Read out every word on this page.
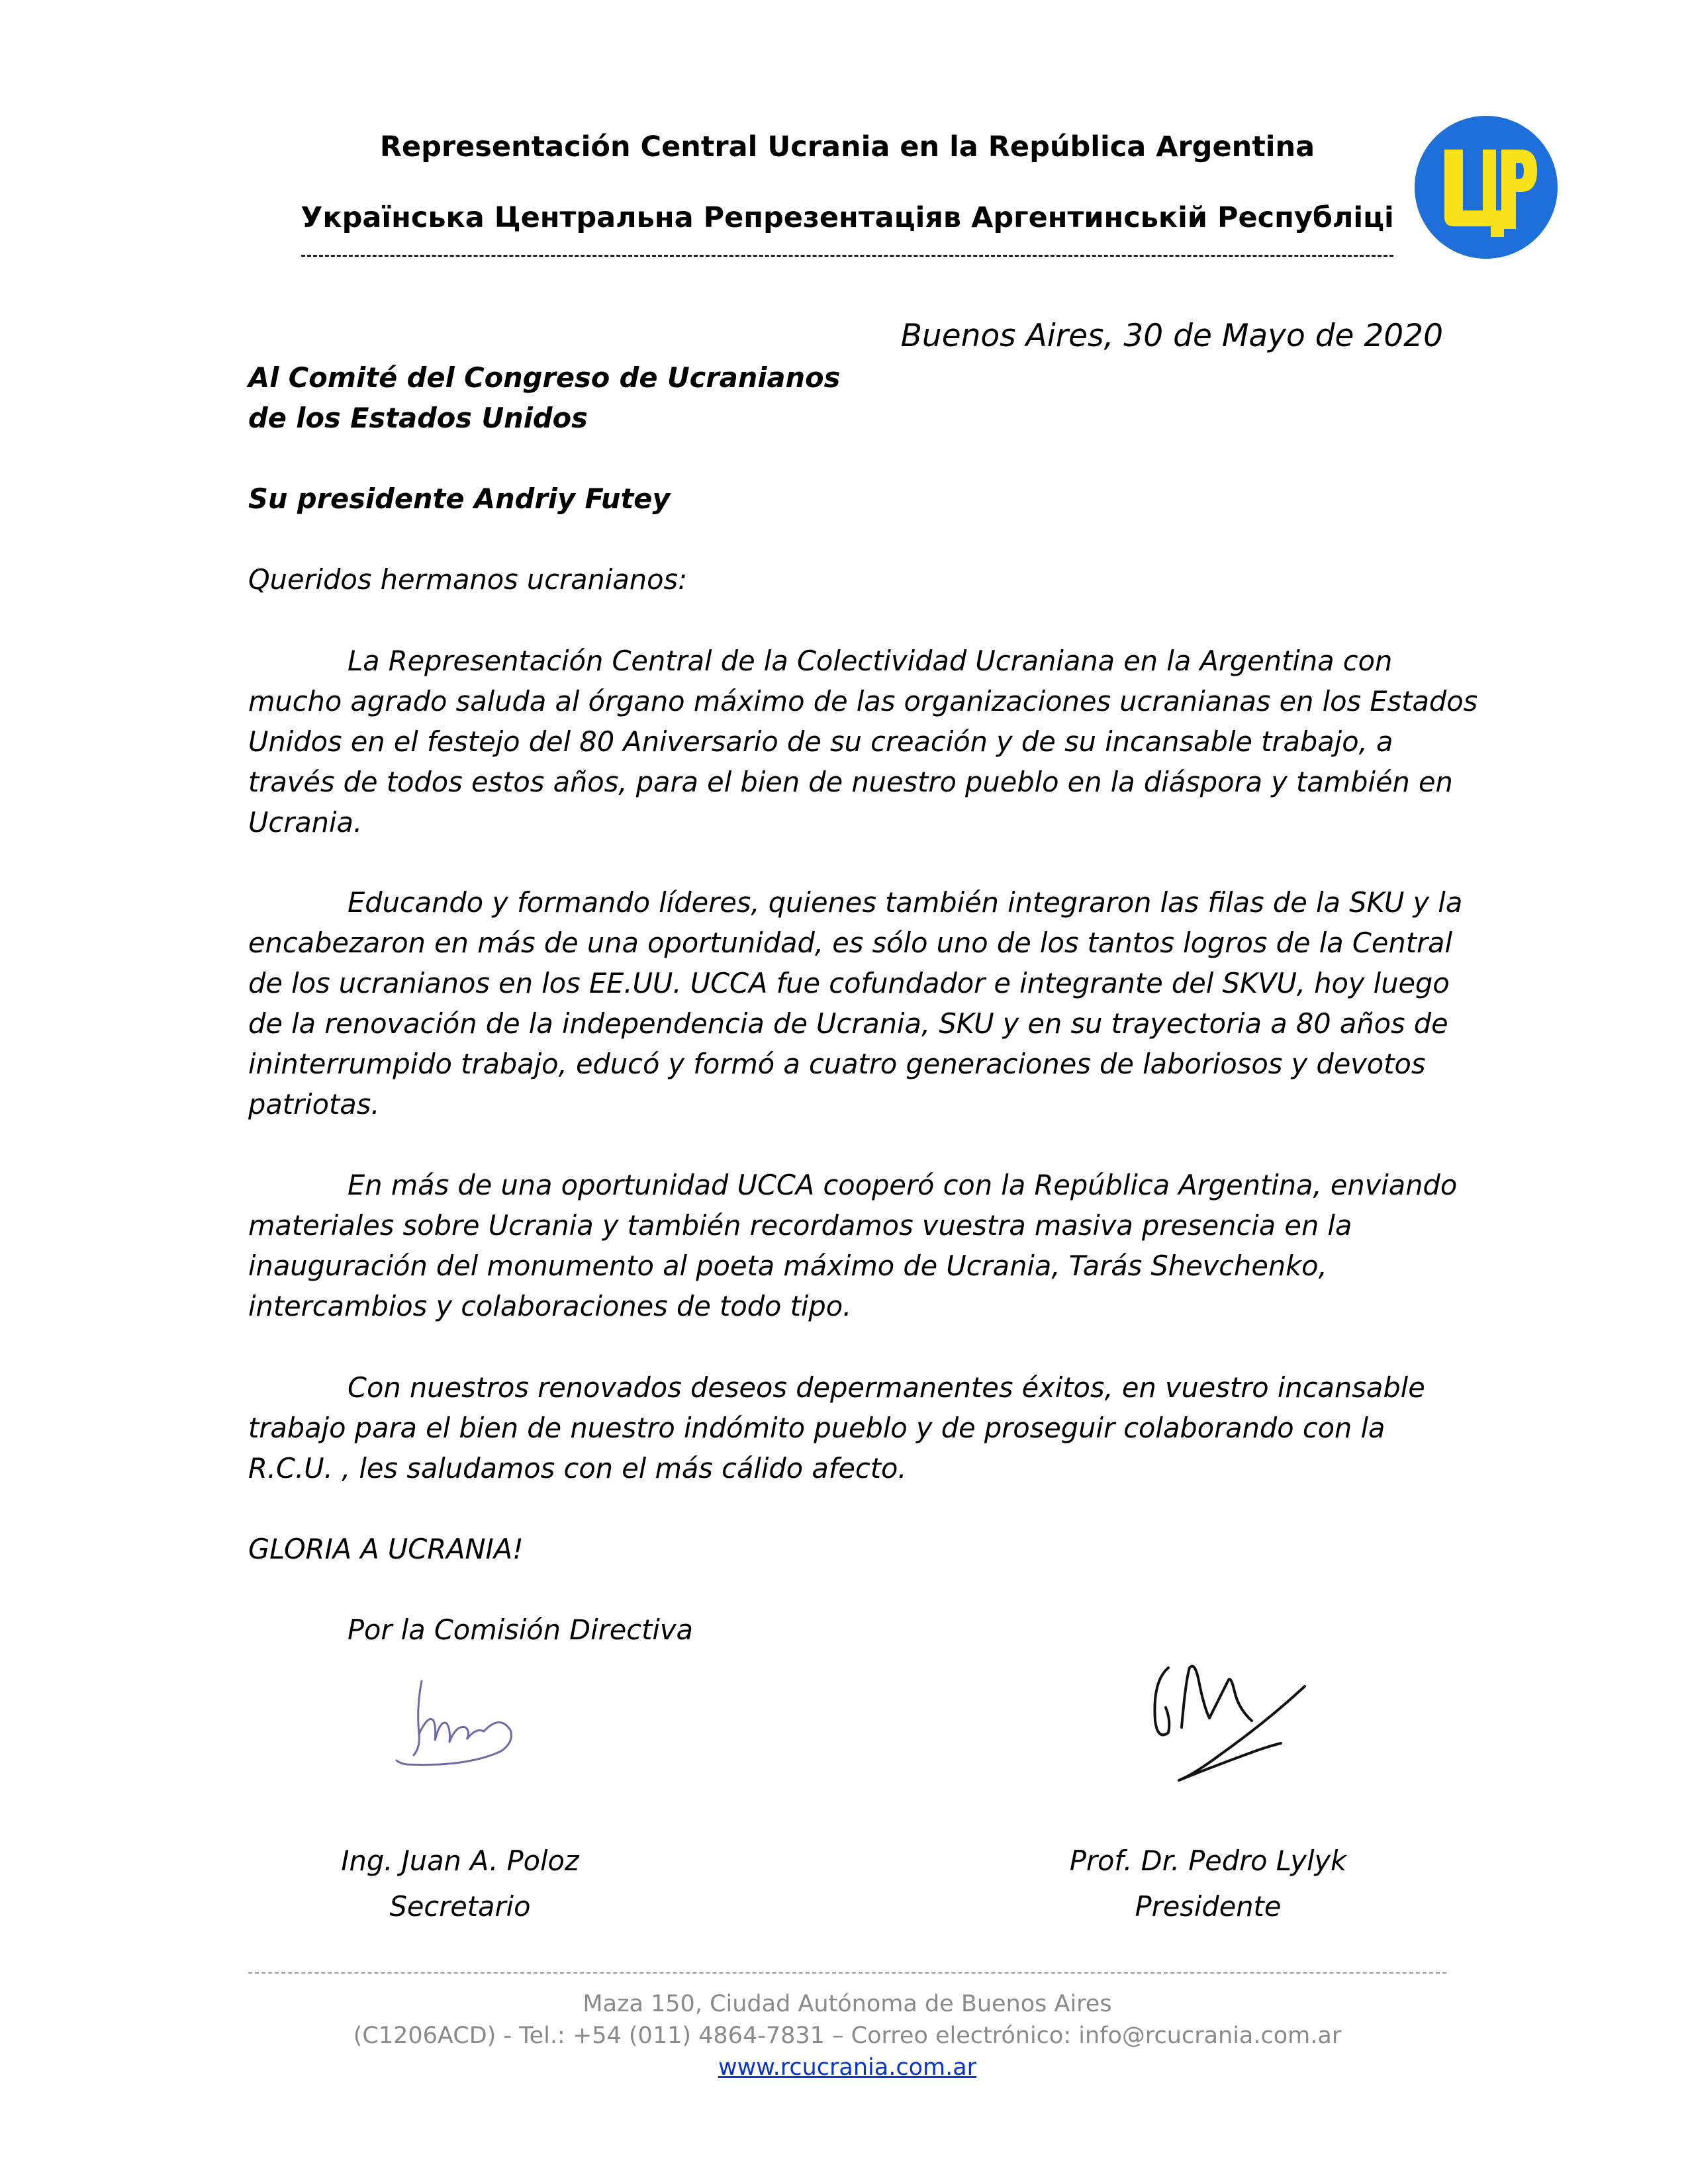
Representación Central Ucrania en la República Argentina
Українська Центральна Репрезентаціяв Аргентинській Республіці
Buenos Aires, 30 de Mayo de 2020
Al Comité del Congreso de Ucranianos
de los Estados Unidos
Su presidente Andriy Futey
Queridos hermanos ucranianos:
La Representación Central de la Colectividad Ucraniana en la Argentina con
mucho agrado saluda al órgano máximo de las organizaciones ucranianas en los Estados
Unidos en el festejo del 80 Aniversario de su creación y de su incansable trabajo, a
través de todos estos años, para el bien de nuestro pueblo en la diáspora y también en
Ucrania.
Educando y formando líderes, quienes también integraron las filas de la SKU y la
encabezaron en más de una oportunidad, es sólo uno de los tantos logros de la Central
de los ucranianos en los EE.UU. UCCA fue cofundador e integrante del SKVU, hoy luego
de la renovación de la independencia de Ucrania, SKU y en su trayectoria a 80 años de
ininterrumpido trabajo, educó y formó a cuatro generaciones de laboriosos y devotos
patriotas.
En más de una oportunidad UCCA cooperó con la República Argentina, enviando
materiales sobre Ucrania y también recordamos vuestra masiva presencia en la
inauguración del monumento al poeta máximo de Ucrania, Tarás Shevchenko,
intercambios y colaboraciones de todo tipo.
Con nuestros renovados deseos depermanentes éxitos, en vuestro incansable
trabajo para el bien de nuestro indómito pueblo y de proseguir colaborando con la
R.C.U. , les saludamos con el más cálido afecto.
GLORIA A UCRANIA!
Por la Comisión Directiva
Ing. Juan A. Poloz
Secretario
Prof. Dr. Pedro Lylyk
Presidente
Maza 150, Ciudad Autónoma de Buenos Aires
(C1206ACD) - Tel.: +54 (011) 4864-7831 – Correo electrónico: info@rcucrania.com.ar
www.rcucrania.com.ar
